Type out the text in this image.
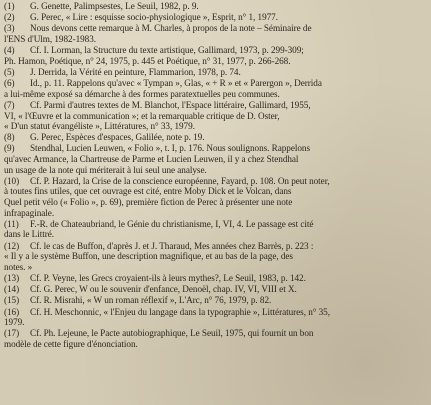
(1)	G. Genette, Palimpsestes, Le Seuil, 1982, p. 9.
(2)	G. Perec, « Lire : esquisse socio-physiologique », Esprit, n° 1, 1977.
(3)	Nous devons cette remarque à M. Charles, à propos de la note – Séminaire de
l'ENS d'Ulm, 1982-1983.
(4)	Cf. I. Lorman, la Structure du texte artistique, Gallimard, 1973, p. 299-309;
Ph. Hamon, Poétique, n° 24, 1975, p. 445 et Poétique, n° 31, 1977, p. 266-268.
(5)	J. Derrida, la Vérité en peinture, Flammarion, 1978, p. 74.
(6)	Id., p. 11. Rappelons qu'avec « Tympan », Glas, « + R » et « Parergon », Derrida
a lui-même exposé sa démarche à des formes paratextuelles peu communes.
(7)	Cf. Parmi d'autres textes de M. Blanchot, l'Espace littéraire, Gallimard, 1955,
VI, « l'Œuvre et la communication »; et la remarquable critique de D. Oster,
« D'un statut évangéliste », Littératures, n° 33, 1979.
(8)	G. Perec, Espèces d'espaces, Galilée, note p. 19.
(9)	Stendhal, Lucien Leuwen, « Folio », t. I, p. 176. Nous soulignons. Rappelons
qu'avec Armance, la Chartreuse de Parme et Lucien Leuwen, il y a chez Stendhal
un usage de la note qui mériterait à lui seul une analyse.
(10)	Cf. P. Hazard, la Crise de la conscience européenne, Fayard, p. 108. On peut noter,
à toutes fins utiles, que cet ouvrage est cité, entre Moby Dick et le Volcan, dans
Quel petit vélo (« Folio », p. 69), première fiction de Perec à présenter une note
infrapaginale.
(11)	F.-R. de Chateaubriand, le Génie du christianisme, I, VI, 4. Le passage est cité
dans le Littré.
(12)	Cf. le cas de Buffon, d'après J. et J. Tharaud, Mes années chez Barrès, p. 223 :
« Il y a le système Buffon, une description magnifique, et au bas de la page, des
notes. »
(13)	Cf. P. Veyne, les Grecs croyaient-ils à leurs mythes?, Le Seuil, 1983, p. 142.
(14)	Cf. G. Perec, W ou le souvenir d'enfance, Denoël, chap. IV, VI, VIII et X.
(15)	Cf. R. Misrahi, « W un roman réflexif », L'Arc, n° 76, 1979, p. 82.
(16)	Cf. H. Meschonnic, « l'Enjeu du langage dans la typographie », Littératures, n° 35,
1979.
(17)	Cf. Ph. Lejeune, le Pacte autobiographique, Le Seuil, 1975, qui fournit un bon
modèle de cette figure d'énonciation.
